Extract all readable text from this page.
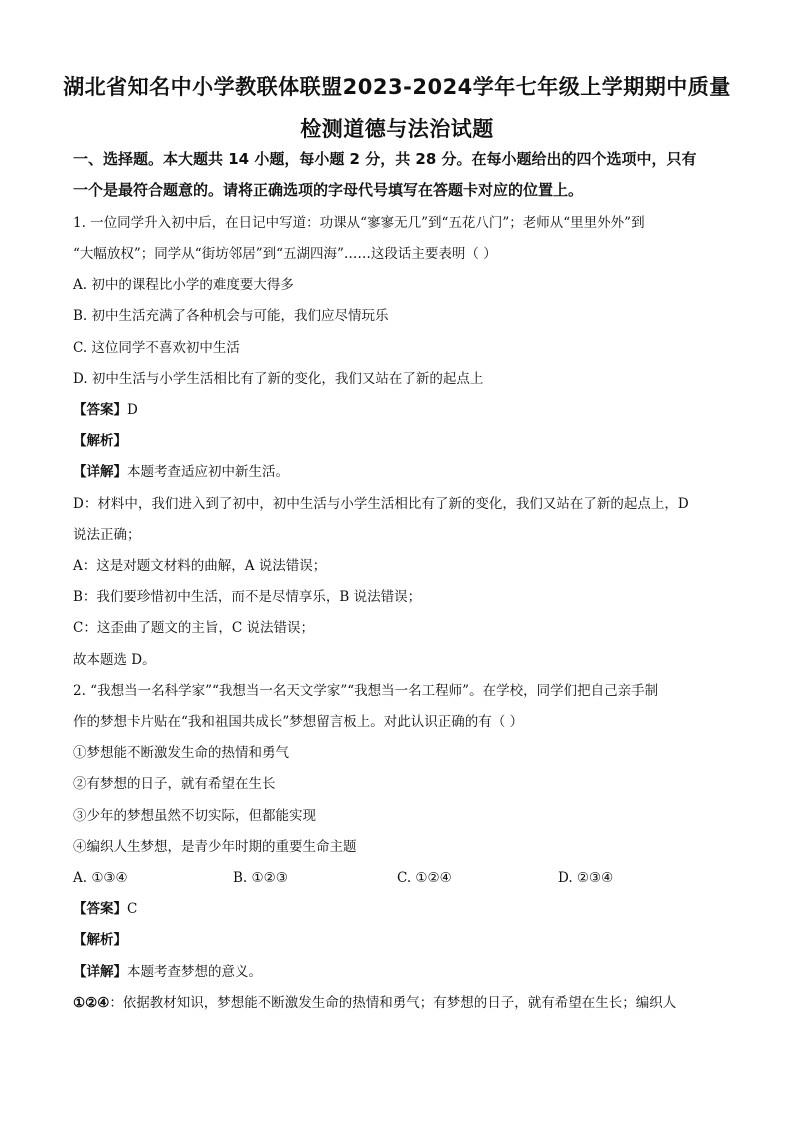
湖北省知名中小学教联体联盟2023-2024学年七年级上学期期中质量
检测道德与法治试题
一、选择题。本大题共 14 小题，每小题 2 分，共 28 分。在每小题给出的四个选项中，只有
一个是最符合题意的。请将正确选项的字母代号填写在答题卡对应的位置上。
1. 一位同学升入初中后，在日记中写道：功课从“寥寥无几”到“五花八门”；老师从“里里外外”到
“大幅放权”；同学从“街坊邻居”到“五湖四海”……这段话主要表明（ ）
A. 初中的课程比小学的难度要大得多
B. 初中生活充满了各种机会与可能，我们应尽情玩乐
C. 这位同学不喜欢初中生活
D. 初中生活与小学生活相比有了新的变化，我们又站在了新的起点上
【答案】D
【解析】
【详解】本题考查适应初中新生活。
D：材料中，我们进入到了初中，初中生活与小学生活相比有了新的变化，我们又站在了新的起点上，D
说法正确；
A：这是对题文材料的曲解，A 说法错误；
B：我们要珍惜初中生活，而不是尽情享乐，B 说法错误；
C：这歪曲了题文的主旨，C 说法错误；
故本题选 D。
2. “我想当一名科学家”“我想当一名天文学家”“我想当一名工程师”。在学校，同学们把自己亲手制
作的梦想卡片贴在“我和祖国共成长”梦想留言板上。对此认识正确的有（ ）
①梦想能不断激发生命的热情和勇气
②有梦想的日子，就有希望在生长
③少年的梦想虽然不切实际，但都能实现
④编织人生梦想，是青少年时期的重要生命主题
A. ①③④	B. ①②③	C. ①②④	D. ②③④
【答案】C
【解析】
【详解】本题考查梦想的意义。
①②④：依据教材知识，梦想能不断激发生命的热情和勇气；有梦想的日子，就有希望在生长；编织人
